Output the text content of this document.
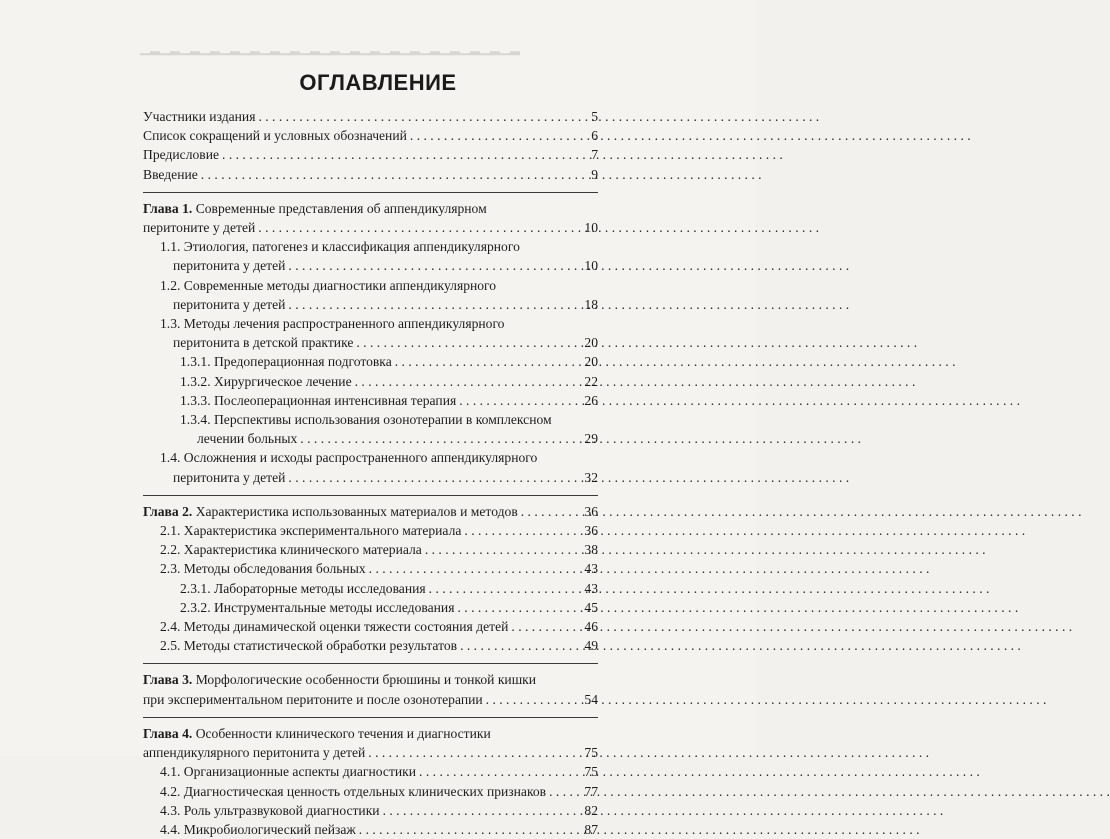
▁▂▁▂▁▂▁▂▁▂▁▂▁▂▁▂▁▂▁▂▁▂▁▂▁▂▁▂▁▂▁▂▁▂▁▂▁▂
ОГЛАВЛЕНИЕ
Участники издания . . .	5
Список сокращений и условных обозначений . . .	6
Предисловие . . .	7
Введение . . .	9
Глава 1. Современные представления об аппендикулярном
перитоните у детей . . .	10
1.1. Этиология, патогенез и классификация аппендикулярного
перитонита у детей . . .	10
1.2. Современные методы диагностики аппендикулярного
перитонита у детей . . .	18
1.3. Методы лечения распространенного аппендикулярного
перитонита в детской практике . . .	20
1.3.1. Предоперационная подготовка . . .	20
1.3.2. Хирургическое лечение . . .	22
1.3.3. Послеоперационная интенсивная терапия . . .	26
1.3.4. Перспективы использования озонотерапии в комплексном
лечении больных . . .	29
1.4. Осложнения и исходы распространенного аппендикулярного
перитонита у детей . . .	32
Глава 2. Характеристика использованных материалов и методов . . .	36
2.1. Характеристика экспериментального материала . . .	36
2.2. Характеристика клинического материала . . .	38
2.3. Методы обследования больных . . .	43
2.3.1. Лабораторные методы исследования . . .	43
2.3.2. Инструментальные методы исследования . . .	45
2.4. Методы динамической оценки тяжести состояния детей . . .	46
2.5. Методы статистической обработки результатов . . .	49
Глава 3. Морфологические особенности брюшины и тонкой кишки
при экспериментальном перитоните и после озонотерапии . . .	54
Глава 4. Особенности клинического течения и диагностики
аппендикулярного перитонита у детей . . .	75
4.1. Организационные аспекты диагностики . . .	75
4.2. Диагностическая ценность отдельных клинических признаков . . .	77
4.3. Роль ультразвуковой диагностики . . .	82
4.4. Микробиологический пейзаж . . .	87
